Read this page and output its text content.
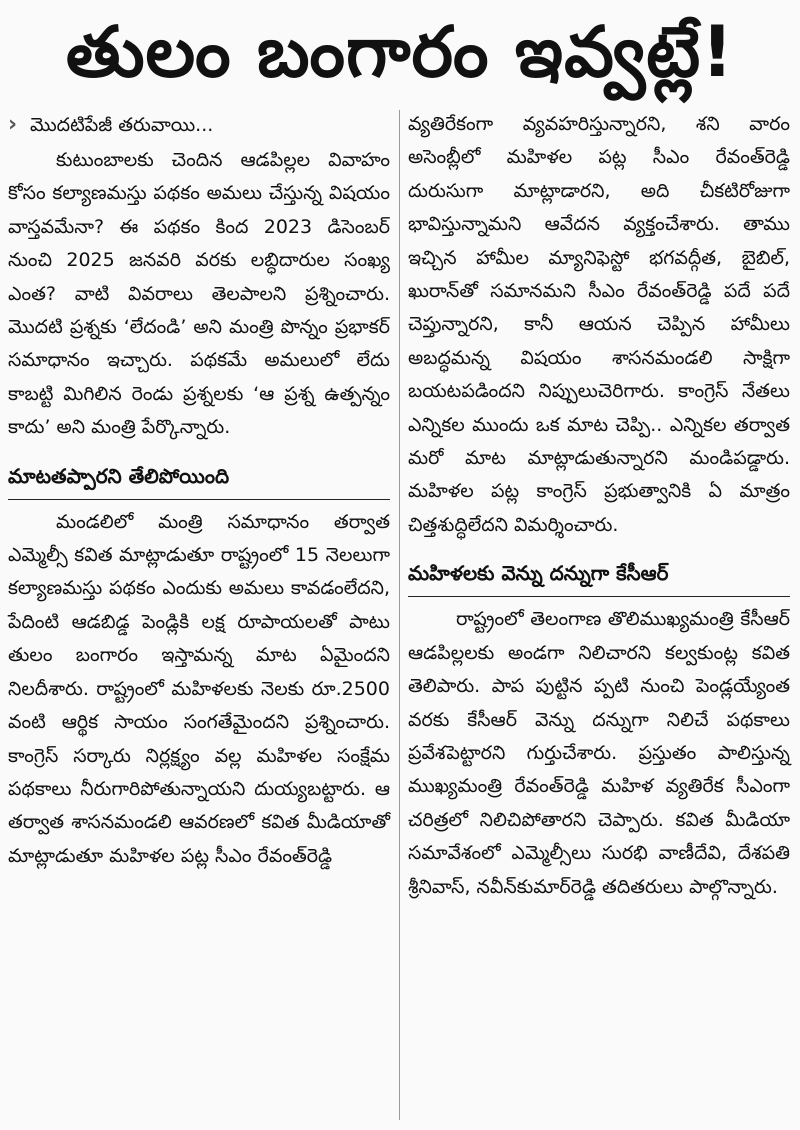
తులం బంగారం ఇవ్వట్లే!
› మొదటిపేజీ తరువాయి...

కుటుంబాలకు చెందిన ఆడపిల్లల వివాహం కోసం కల్యాణమస్తు పథకం అమలు చేస్తున్న విషయం వాస్తవమేనా? ఈ పథకం కింద 2023 డిసెంబర్ నుంచి 2025 జనవరి వరకు లబ్ధిదారుల సంఖ్య ఎంత? వాటి వివరాలు తెలపాలని ప్రశ్నించారు. మొదటి ప్రశ్నకు ‘లేదండి’ అని మంత్రి పొన్నం ప్రభాకర్ సమాధానం ఇచ్చారు. పథకమే అమలులో లేదు కాబట్టి మిగిలిన రెండు ప్రశ్నలకు ‘ఆ ప్రశ్న ఉత్పన్నం కాదు’ అని మంత్రి పేర్కొన్నారు.

మాటతప్పారని తేలిపోయింది

మండలిలో మంత్రి సమాధానం తర్వాత ఎమ్మెల్సీ కవిత మాట్లాడుతూ రాష్ట్రంలో 15 నెలలుగా కల్యాణమస్తు పథకం ఎందుకు అమలు కావడంలేదని, పేదింటి ఆడబిడ్డ పెండ్లికి లక్ష రూపాయలతో పాటు తులం బంగారం ఇస్తామన్న మాట ఏమైందని నిలదీశారు. రాష్ట్రంలో మహిళలకు నెలకు రూ.2500 వంటి ఆర్థిక సాయం సంగతేమైందని ప్రశ్నించారు. కాంగ్రెస్ సర్కారు నిర్లక్ష్యం వల్ల మహిళల సంక్షేమ పథకాలు నీరుగారిపోతున్నాయని దుయ్యబట్టారు. ఆ తర్వాత శాసనమండలి ఆవరణలో కవిత మీడియాతో మాట్లాడుతూ మహిళల పట్ల సీఎం రేవంత్‌రెడ్డి

వ్యతిరేకంగా వ్యవహరిస్తున్నారని, శని వారం అసెంబ్లీలో మహిళల పట్ల సీఎం రేవంత్‌రెడ్డి దురుసుగా మాట్లాడారని, అది చీకటిరోజుగా భావిస్తున్నామని ఆవేదన వ్యక్తంచేశారు. తాము ఇచ్చిన హామీల మ్యానిఫెస్టో భగవద్గీత, బైబిల్, ఖురాన్‌తో సమానమని సీఎం రేవంత్‌రెడ్డి పదే పదే చెప్తున్నారని, కానీ ఆయన చెప్పిన హామీలు అబద్ధమన్న విషయం శాసనమండలి సాక్షిగా బయటపడిందని నిప్పులుచెరిగారు. కాంగ్రెస్ నేతలు ఎన్నికల ముందు ఒక మాట చెప్పి.. ఎన్నికల తర్వాత మరో మాట మాట్లాడుతున్నారని మండిపడ్డారు. మహిళల పట్ల కాంగ్రెస్ ప్రభుత్వానికి ఏ మాత్రం చిత్తశుద్ధిలేదని విమర్శించారు.

మహిళలకు వెన్ను దన్నుగా కేసీఆర్

రాష్ట్రంలో తెలంగాణ తొలిముఖ్యమంత్రి కేసీఆర్ ఆడపిల్లలకు అండగా నిలిచారని కల్వకుంట్ల కవిత తెలిపారు. పాప పుట్టిన ప్పటి నుంచి పెండ్లయ్యేంత వరకు కేసీఆర్ వెన్ను దన్నుగా నిలిచే పథకాలు ప్రవేశపెట్టారని గుర్తుచేశారు. ప్రస్తుతం పాలిస్తున్న ముఖ్యమంత్రి రేవంత్‌రెడ్డి మహిళ వ్యతిరేక సీఎంగా చరిత్రలో నిలిచిపోతారని చెప్పారు. కవిత మీడియా సమావేశంలో ఎమ్మెల్సీలు సురభి వాణీదేవి, దేశపతి శ్రీనివాస్, నవీన్‌కుమార్‌రెడ్డి తదితరులు పాల్గొన్నారు.
